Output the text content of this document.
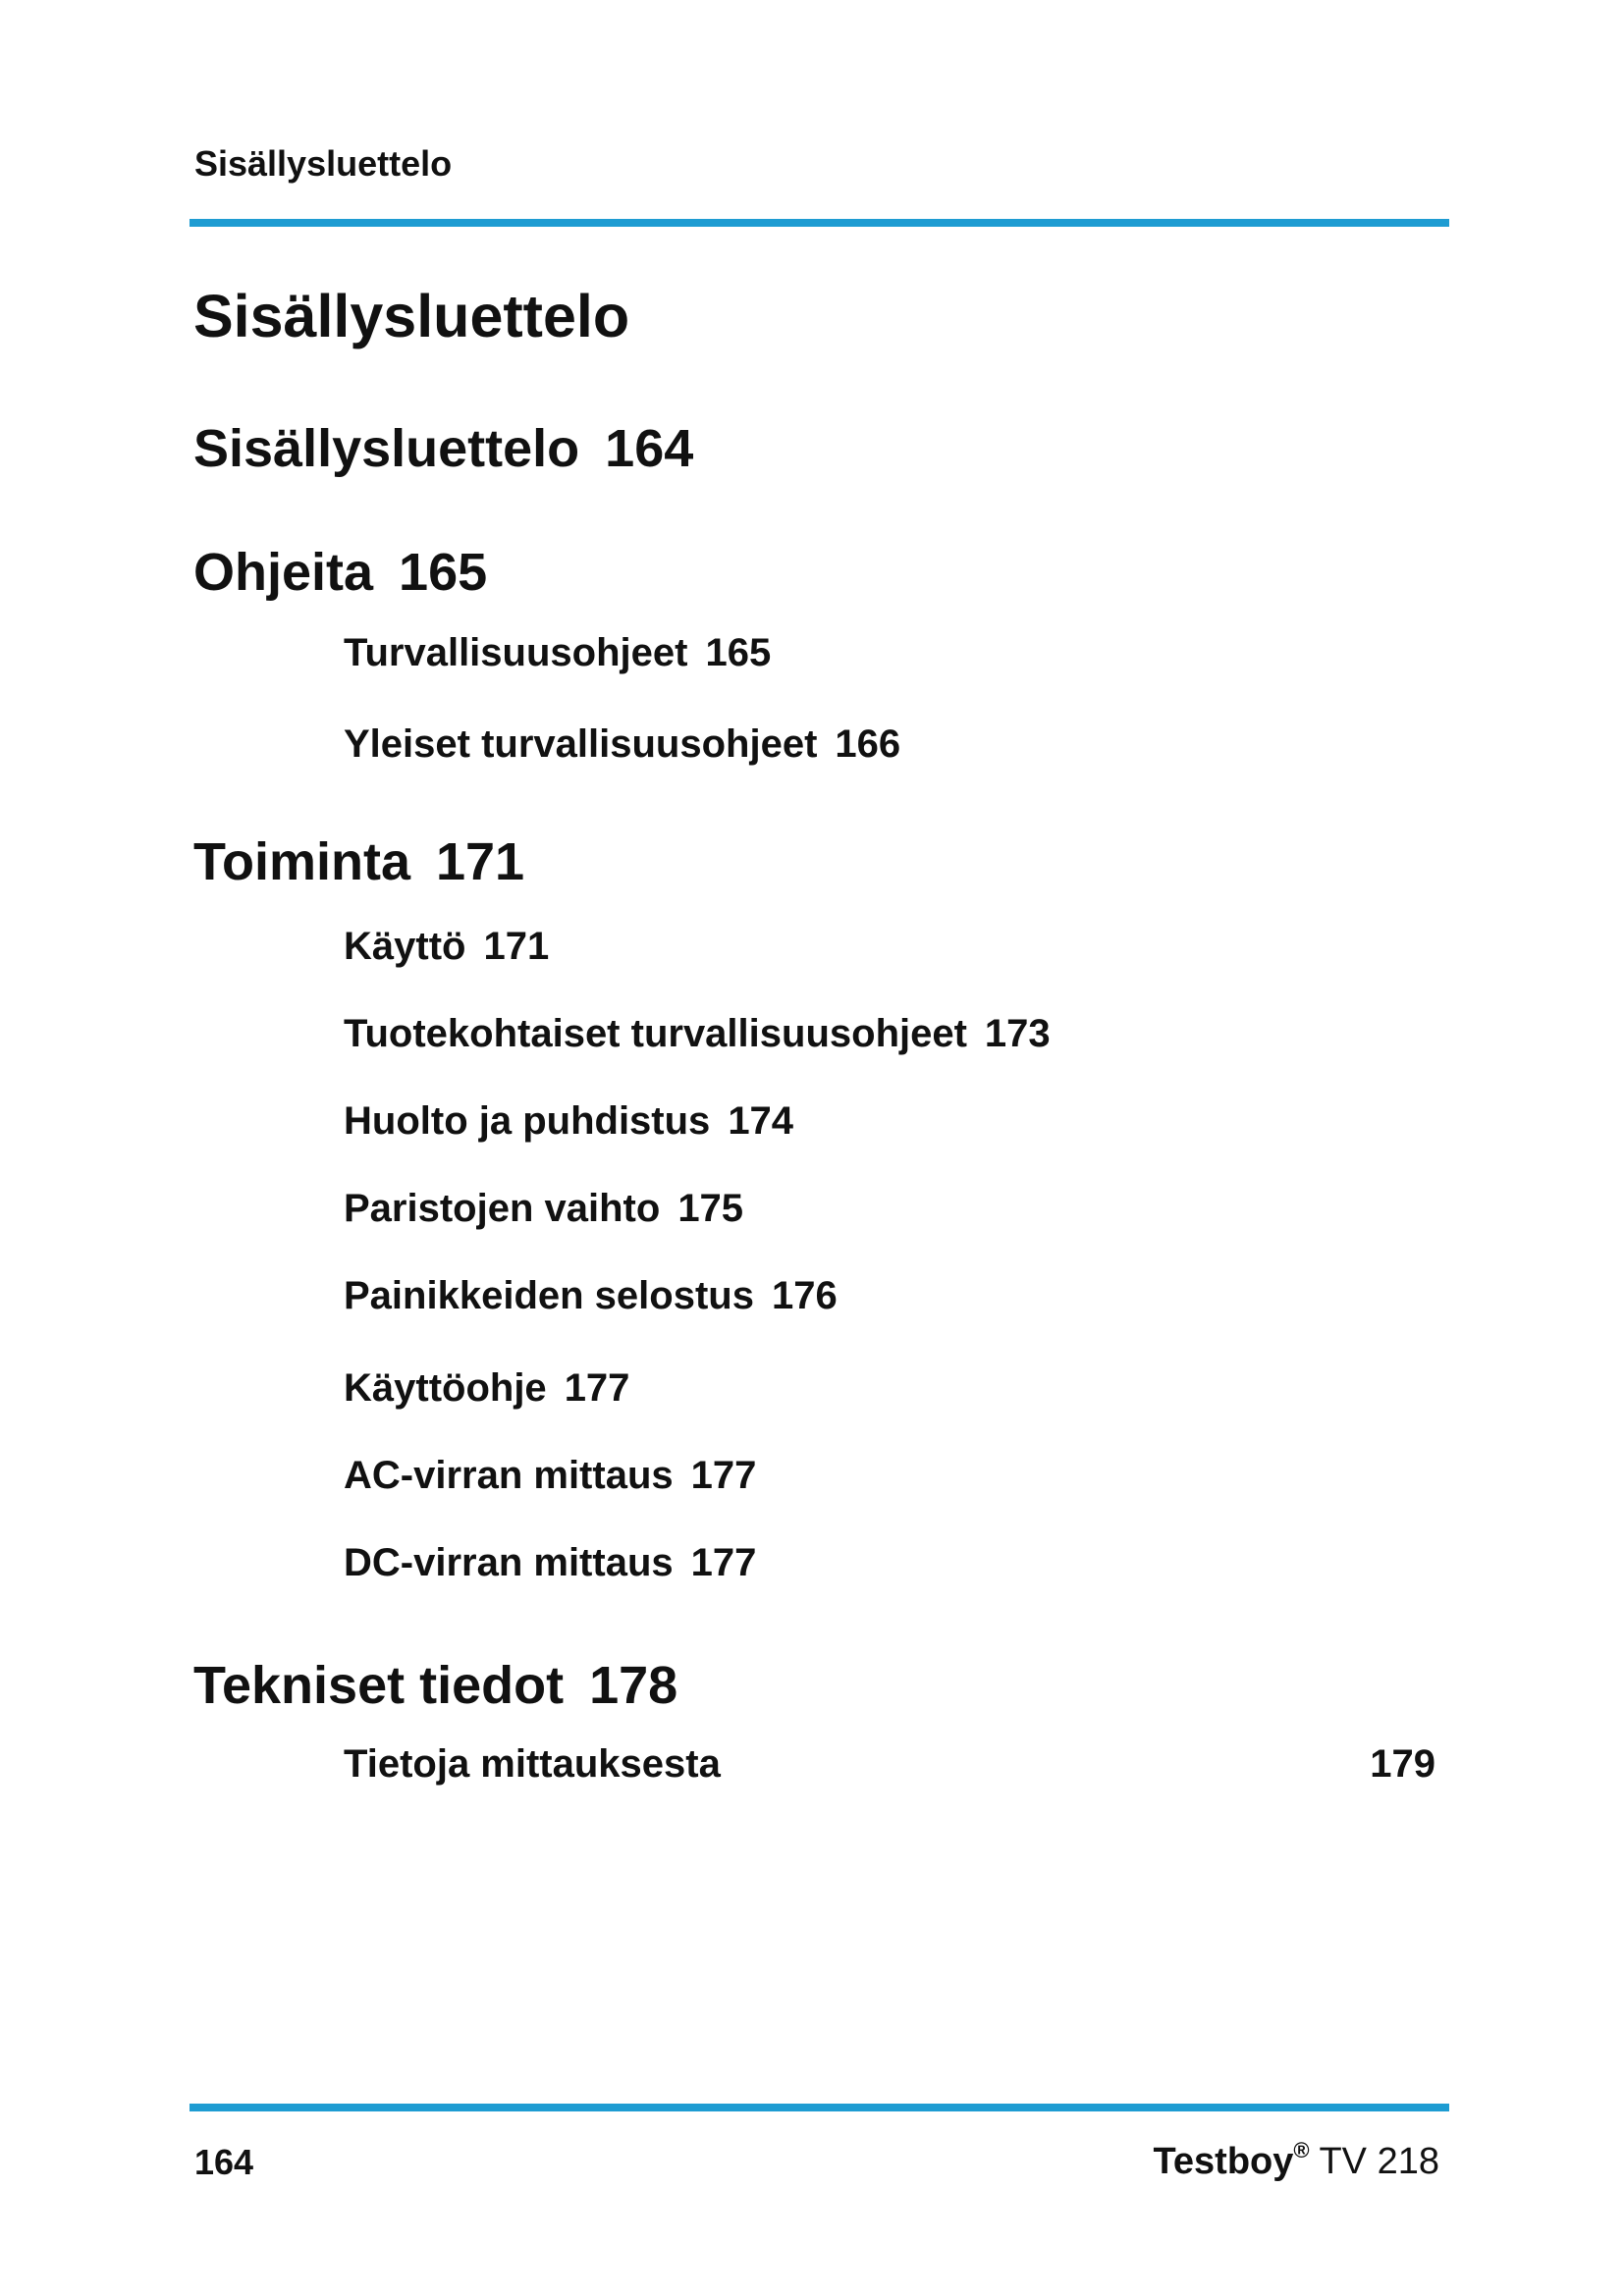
Sisällysluettelo
Sisällysluettelo
Sisällysluettelo 164
Ohjeita 165
Turvallisuusohjeet 165
Yleiset turvallisuusohjeet 166
Toiminta 171
Käyttö 171
Tuotekohtaiset turvallisuusohjeet 173
Huolto ja puhdistus 174
Paristojen vaihto 175
Painikkeiden selostus 176
Käyttöohje 177
AC-virran mittaus 177
DC-virran mittaus 177
Tekniset tiedot 178
Tietoja mittauksesta	179
164	Testboy® TV 218
